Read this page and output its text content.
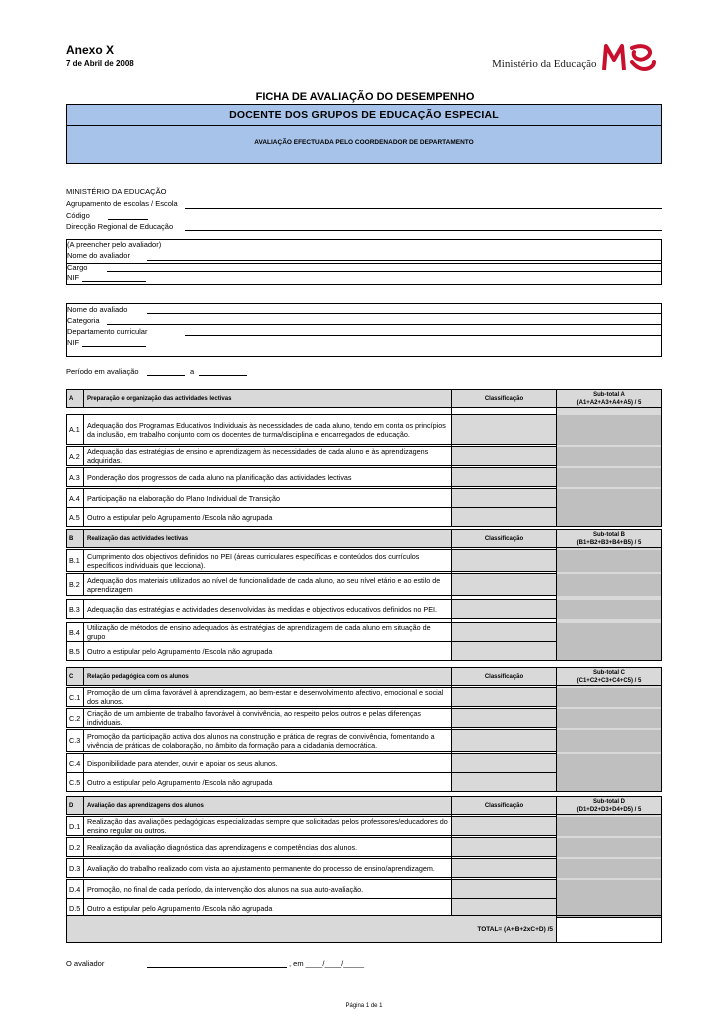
Anexo X
7 de Abril de 2008	Ministério da Educação
FICHA DE AVALIAÇÃO DO DESEMPENHO
DOCENTE DOS GRUPOS DE EDUCAÇÃO ESPECIAL
AVALIAÇÃO EFECTUADA PELO COORDENADOR DE DEPARTAMENTO
MINISTÉRIO DA EDUCAÇÃO
Agrupamento de escolas / Escola
Código
Direcção Regional de Educação
(A preencher pelo avaliador)
Nome do avaliador
Cargo
NIF
Nome do avaliado
Categoria
Departamento curricular
NIF
Período em avaliação	a
A	Preparação e organização das actividades lectivas	Classificação	Sub-total A
(A1+A2+A3+A4+A5) / 5

A.1	Adequação dos Programas Educativos Individuais às necessidades de cada aluno, tendo em conta os princípios da inclusão, em trabalho conjunto com os docentes de turma/disciplina e encarregados de educação.		

A.2	Adequação das estratégias de ensino e aprendizagem às necessidades de cada aluno e às aprendizagens adquiridas.		

A.3	Ponderação dos progressos de cada aluno na planificação das actividades lectivas		

A.4	Participação na elaboração do Plano Individual de Transição		
A.5	Outro a estipular pelo Agrupamento /Escola não agrupada		
B	Realização das actividades lectivas	Classificação	Sub-total B
(B1+B2+B3+B4+B5) / 5

B.1	Cumprimento dos objectivos definidos no PEI (áreas curriculares específicas e conteúdos dos currículos específicos individuais que lecciona).		

B.2	Adequação dos materiais utilizados ao nível de funcionalidade de cada aluno, ao seu nível etário e ao estilo de aprendizagem		

B.3	Adequação das estratégias e actividades desenvolvidas às medidas e objectivos educativos definidos no PEI.		

B.4	Utilização de métodos de ensino adequados às estratégias de aprendizagem de cada aluno em situação de grupo		
B.5	Outro a estipular pelo Agrupamento /Escola não agrupada		
C	Relação pedagógica com os alunos	Classificação	Sub-total C
(C1+C2+C3+C4+C5) / 5

C.1	Promoção de um clima favorável à aprendizagem, ao bem-estar e desenvolvimento afectivo, emocional e social dos alunos.		

C.2	Criação de um ambiente de trabalho favorável à convivência, ao respeito pelos outros e pelas diferenças individuais.		

C.3	Promoção da participação activa dos alunos na construção e prática de regras de convivência, fomentando a vivência de práticas de colaboração, no âmbito da formação para a cidadania democrática.		

C.4	Disponibilidade para atender, ouvir e apoiar os seus alunos.		
C.5	Outro a estipular pelo Agrupamento /Escola não agrupada		
D	Avaliação das aprendizagens dos alunos	Classificação	Sub-total D
(D1+D2+D3+D4+D5) / 5

D.1	Realização das avaliações pedagógicas especializadas sempre que solicitadas pelos professores/educadores do ensino regular ou outros.		

D.2	Realização da avaliação diagnóstica das aprendizagens e competências dos alunos.		

D.3	Avaliação do trabalho realizado com vista ao ajustamento permanente do processo de ensino/aprendizagem.		

D.4	Promoção, no final de cada período, da intervenção dos alunos na sua auto-avaliação.		
D.5	Outro a estipular pelo Agrupamento /Escola não agrupada		
TOTAL= (A+B+2xC+D) /5	
O avaliador	, em ____/____/_____
Página 1 de 1
